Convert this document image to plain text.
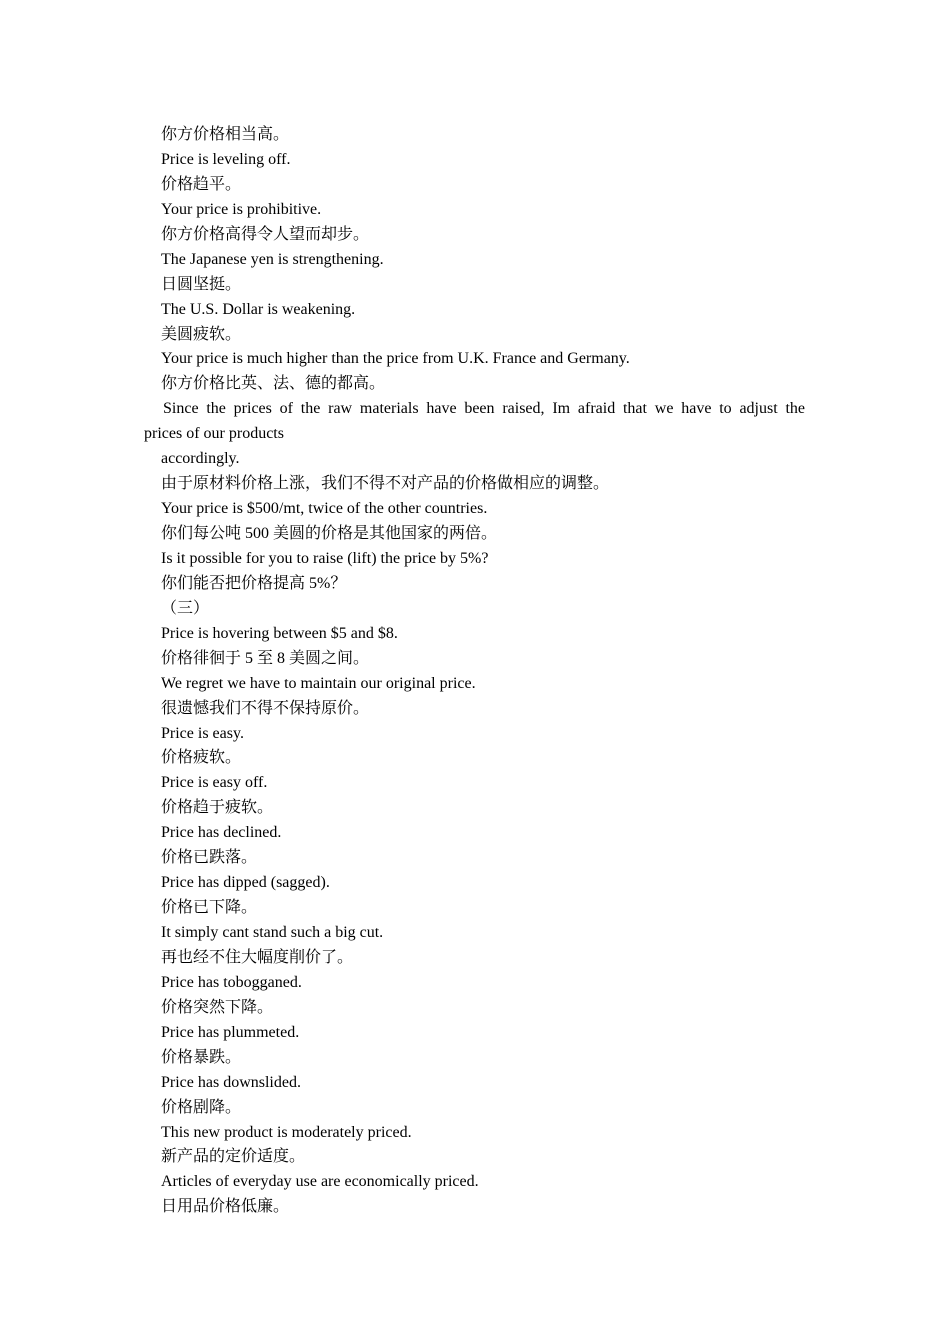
你方价格相当高。

Price is leveling off.

价格趋平。

Your price is prohibitive.

你方价格高得令人望而却步。

The Japanese yen is strengthening.

日圆坚挺。

The U.S. Dollar is weakening.

美圆疲软。

Your price is much higher than the price from U.K. France and Germany.

你方价格比英、法、德的都高。

Since the prices of the raw materials have been raised, Im afraid that we have to adjust the

prices of our products

accordingly.

由于原材料价格上涨，我们不得不对产品的价格做相应的调整。

Your price is $500/mt, twice of the other countries.

你们每公吨 500 美圆的价格是其他国家的两倍。

Is it possible for you to raise (lift) the price by 5%?

你们能否把价格提高 5%？

（三）

Price is hovering between $5 and $8.

价格徘徊于 5 至 8 美圆之间。

We regret we have to maintain our original price.

很遗憾我们不得不保持原价。

Price is easy.

价格疲软。

Price is easy off.

价格趋于疲软。

Price has declined.

价格已跌落。

Price has dipped (sagged).

价格已下降。

It simply cant stand such a big cut.

再也经不住大幅度削价了。

Price has tobogganed.

价格突然下降。

Price has plummeted.

价格暴跌。

Price has downslided.

价格剧降。

This new product is moderately priced.

新产品的定价适度。

Articles of everyday use are economically priced.

日用品价格低廉。
